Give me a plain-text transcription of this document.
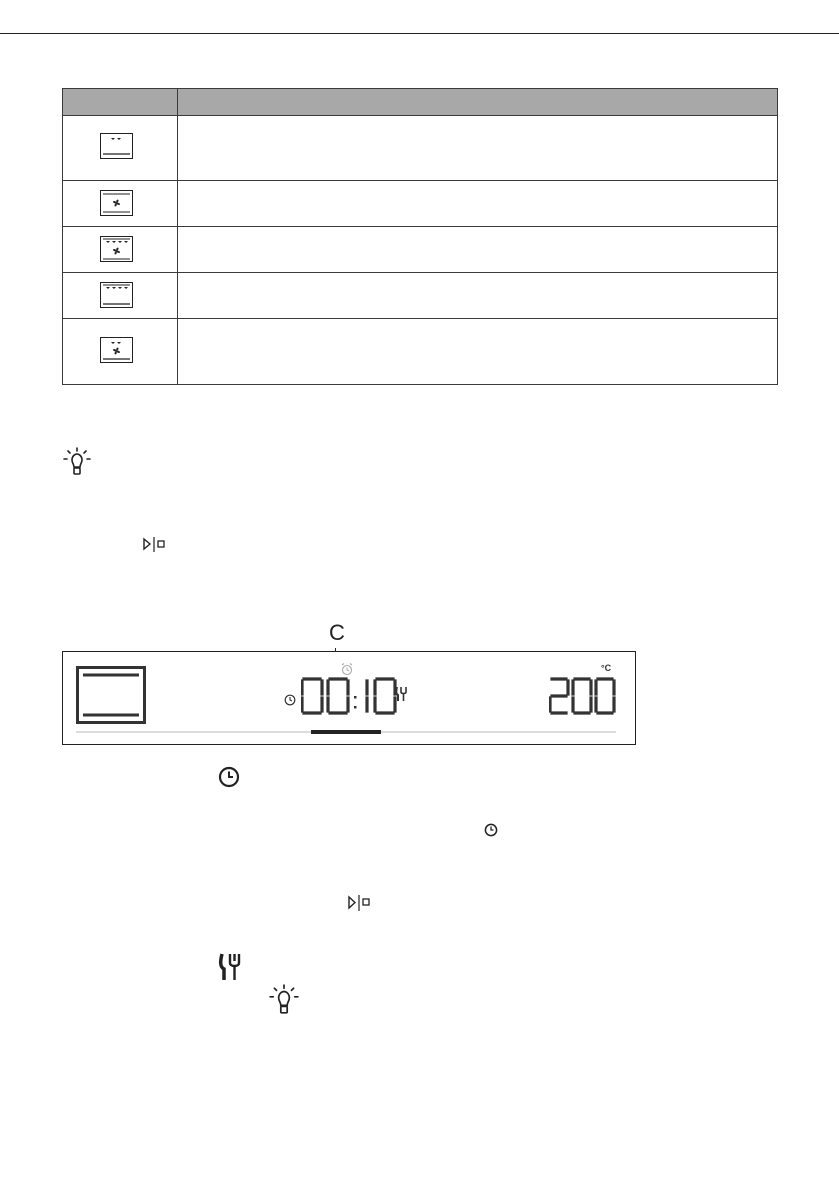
C
°C
